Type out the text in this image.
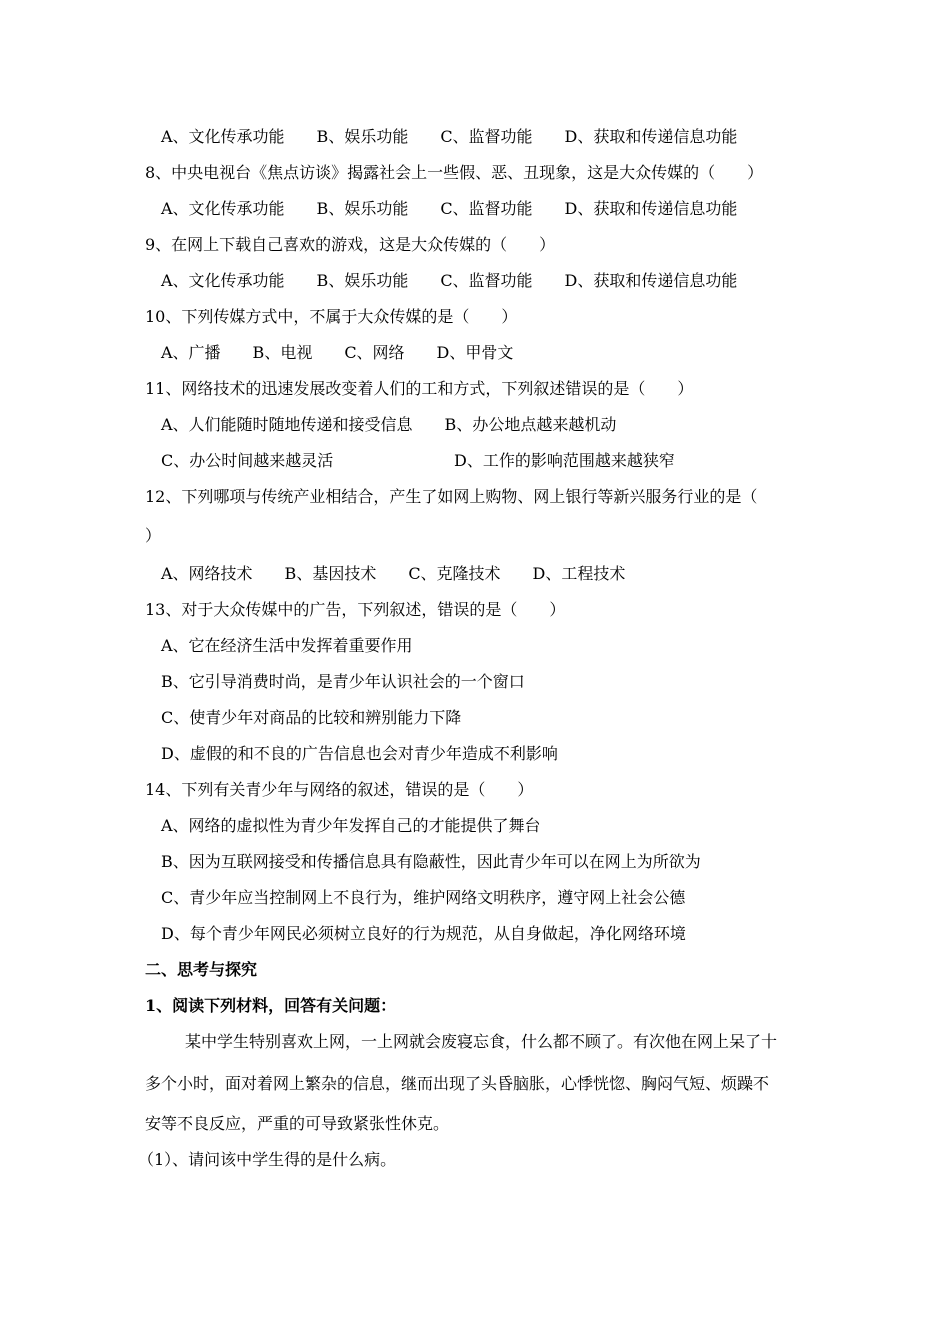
A、文化传承功能　　B、娱乐功能　　C、监督功能　　D、获取和传递信息功能
8、中央电视台《焦点访谈》揭露社会上一些假、恶、丑现象，这是大众传媒的（　　）
A、文化传承功能　　B、娱乐功能　　C、监督功能　　D、获取和传递信息功能
9、在网上下载自己喜欢的游戏，这是大众传媒的（　　）
A、文化传承功能　　B、娱乐功能　　C、监督功能　　D、获取和传递信息功能
10、下列传媒方式中，不属于大众传媒的是（　　）
A、广播　　B、电视　　C、网络　　D、甲骨文
11、网络技术的迅速发展改变着人们的工和方式，下列叙述错误的是（　　）
A、人们能随时随地传递和接受信息　　B、办公地点越来越机动
C、办公时间越来越灵活	D、工作的影响范围越来越狭窄
12、下列哪项与传统产业相结合，产生了如网上购物、网上银行等新兴服务行业的是（
）
A、网络技术　　B、基因技术　　C、克隆技术　　D、工程技术
13、对于大众传媒中的广告，下列叙述，错误的是（　　）
A、它在经济生活中发挥着重要作用
B、它引导消费时尚，是青少年认识社会的一个窗口
C、使青少年对商品的比较和辨别能力下降
D、虚假的和不良的广告信息也会对青少年造成不利影响
14、下列有关青少年与网络的叙述，错误的是（　　）
A、网络的虚拟性为青少年发挥自己的才能提供了舞台
B、因为互联网接受和传播信息具有隐蔽性，因此青少年可以在网上为所欲为
C、青少年应当控制网上不良行为，维护网络文明秩序，遵守网上社会公德
D、每个青少年网民必须树立良好的行为规范，从自身做起，净化网络环境
二、思考与探究
1、阅读下列材料，回答有关问题：
某中学生特别喜欢上网，一上网就会废寝忘食，什么都不顾了。有次他在网上呆了十
多个小时，面对着网上繁杂的信息，继而出现了头昏脑胀，心悸恍惚、胸闷气短、烦躁不
安等不良反应，严重的可导致紧张性休克。
（1）、请问该中学生得的是什么病。
